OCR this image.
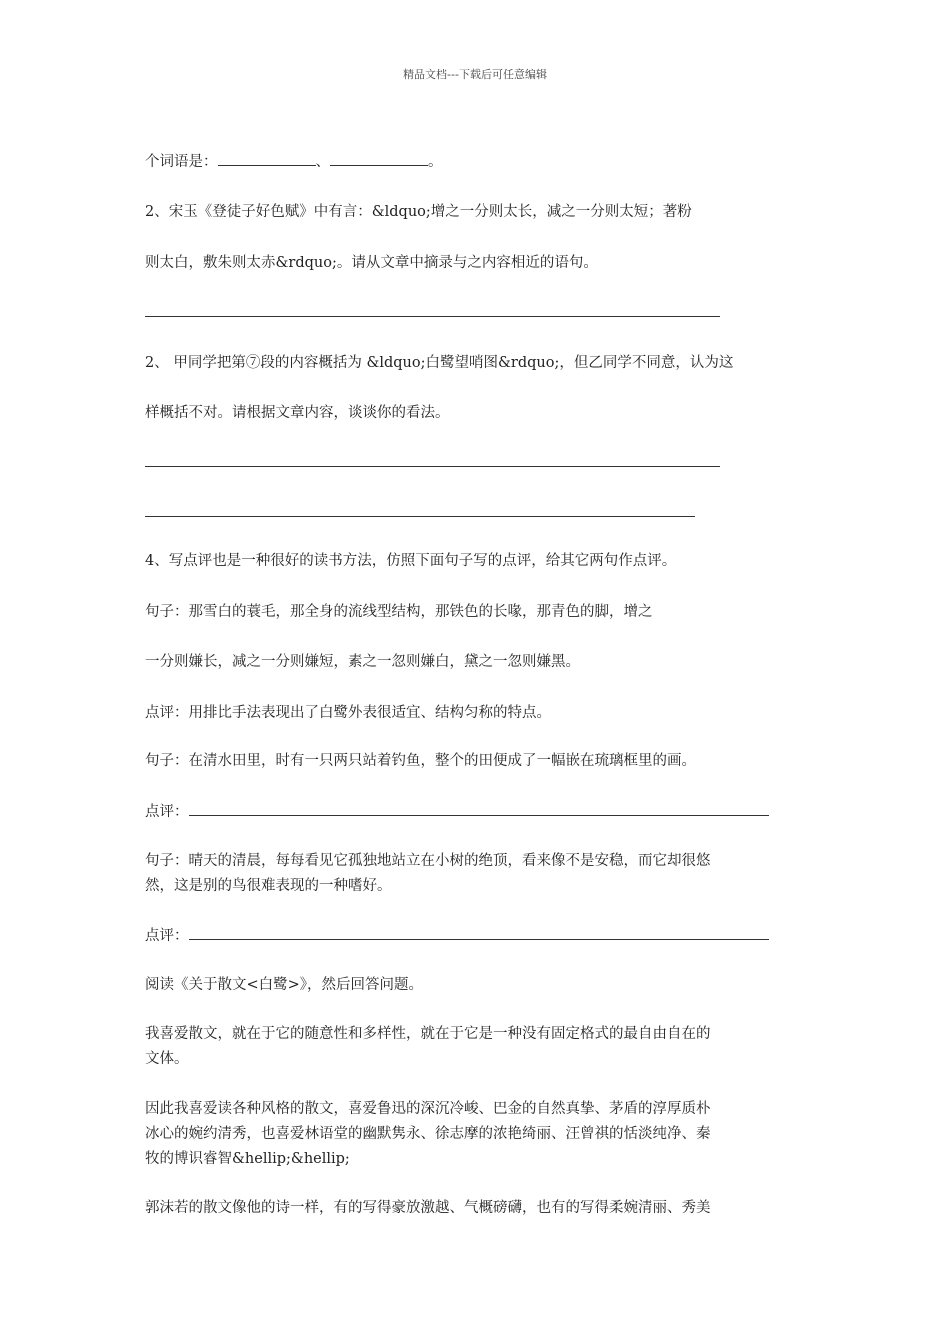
精品文档---下载后可任意编辑
个词语是：	、	。
2、宋玉《登徒子好色赋》中有言：&ldquo;增之一分则太长，减之一分则太短；著粉
则太白，敷朱则太赤&rdquo;。请从文章中摘录与之内容相近的语句。
2、 甲同学把第⑦段的内容概括为 &ldquo;白鹭望哨图&rdquo;，但乙同学不同意，认为这
样概括不对。请根据文章内容，谈谈你的看法。
4、写点评也是一种很好的读书方法，仿照下面句子写的点评，给其它两句作点评。
句子：那雪白的蓑毛，那全身的流线型结构，那铁色的长喙，那青色的脚，增之
一分则嫌长，减之一分则嫌短，素之一忽则嫌白，黛之一忽则嫌黑。
点评：用排比手法表现出了白鹭外表很适宜、结构匀称的特点。
句子：在清水田里，时有一只两只站着钓鱼，整个的田便成了一幅嵌在琉璃框里的画。
点评：
句子：晴天的清晨，每每看见它孤独地站立在小树的绝顶，看来像不是安稳，而它却很悠
然，这是别的鸟很难表现的一种嗜好。
点评：
阅读《关于散文<白鹭>》，然后回答问题。
我喜爱散文，就在于它的随意性和多样性，就在于它是一种没有固定格式的最自由自在的
文体。
因此我喜爱读各种风格的散文，喜爱鲁迅的深沉冷峻、巴金的自然真挚、茅盾的淳厚质朴
冰心的婉约清秀，也喜爱林语堂的幽默隽永、徐志摩的浓艳绮丽、汪曾祺的恬淡纯净、秦
牧的博识睿智&hellip;&hellip;
郭沫若的散文像他的诗一样，有的写得豪放激越、气概磅礴，也有的写得柔婉清丽、秀美
